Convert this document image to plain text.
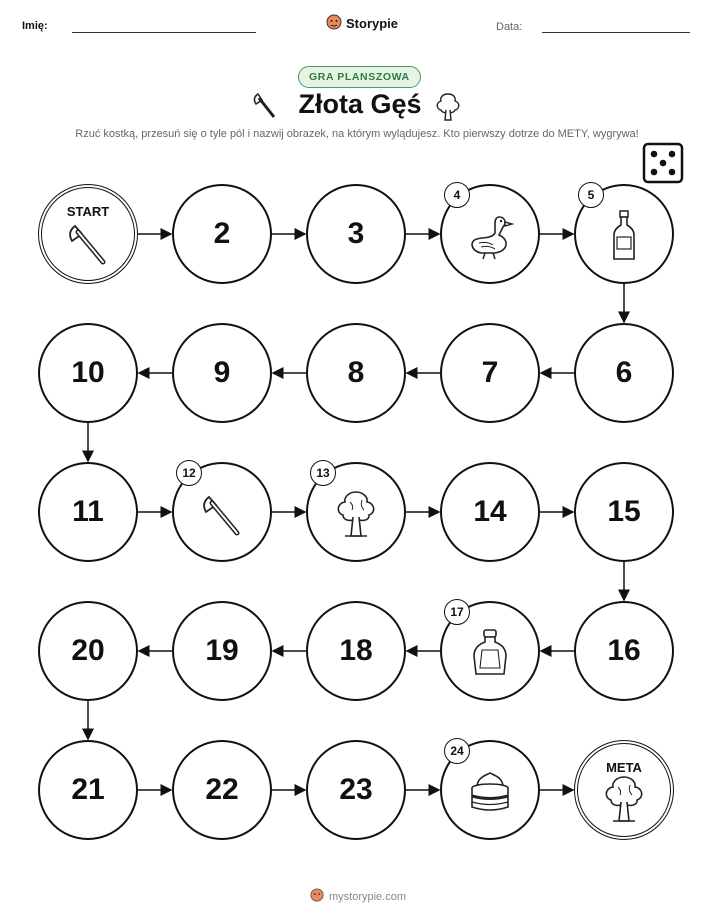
Imię:	Storypie	Data:
GRA PLANSZOWA
Złota Gęś
Rzuć kostką, przesuń się o tyle pól i nazwij obrazek, na którym wylądujesz. Kto pierwszy dotrze do METY, wygrywa!
START
2	3
4	5
6
7
8
9
10
11
12	13
14	15
16
17
18
19
20
21	22	23
24
META
mystorypie.com
